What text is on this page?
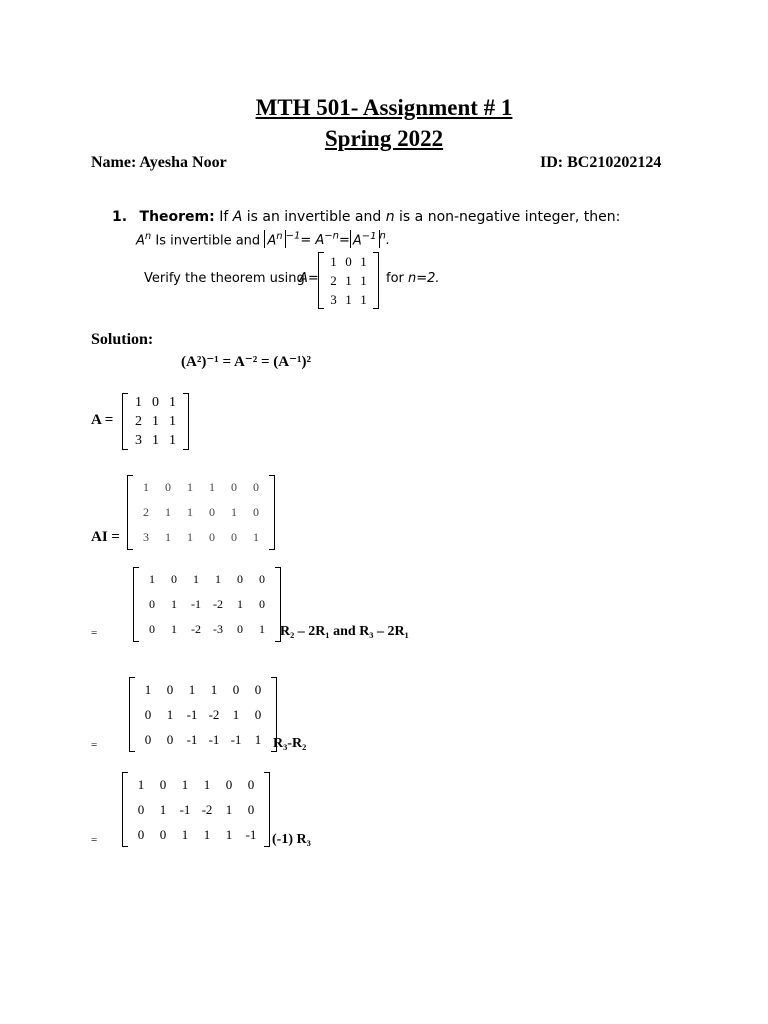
MTH 501- Assignment # 1
Spring 2022
Name: Ayesha Noor	ID: BC210202124
1. Theorem: If A is an invertible and n is a non-negative integer, then:
$A^n$ Is invertible and $A^n$ $^{-1}= A^{-n}= A^{-1}$ $^n$.
Verify the theorem using
A=
1	0	1
2	1	1
3	1	1
for n=2.
Solution:
(A²)⁻¹ = A⁻² = (A⁻¹)²
A =
1	0	1
2	1	1
3	1	1
AI =
1	0	1	1	0	0
2	1	1	0	1	0
3	1	1	0	0	1
=
1	0	1	1	0	0
0	1	-1	-2	1	0
0	1	-2	-3	0	1 R₂ – 2R₁ and R₃ – 2R₁
=
1	0	1	1	0	0
0	1	-1	-2	1	0
0	0	-1	-1	-1	1 R₃-R₂
=
1	0	1	1	0	0
0	1	-1	-2	1	0
0	0	1	1	1	-1 (-1) R₃
